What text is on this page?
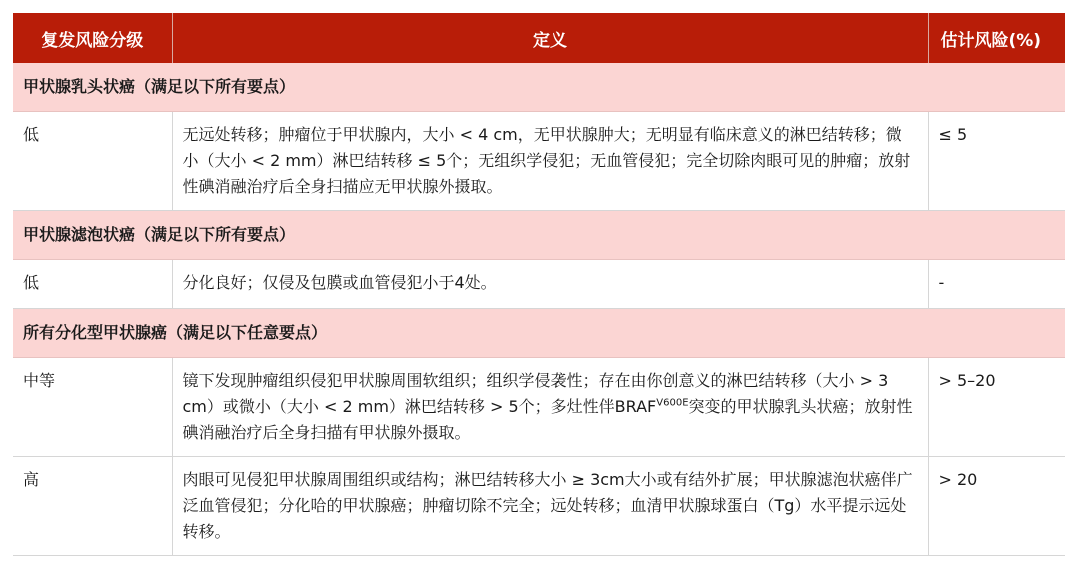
复发风险分级	定义	估计风险(%)
甲状腺乳头状癌（满足以下所有要点）		
低	无远处转移；肿瘤位于甲状腺内，大小 < 4 cm，无甲状腺肿大；无明显有临床意义的淋巴结转移；微小（大小 < 2 mm）淋巴结转移 ≤ 5个；无组织学侵犯；无血管侵犯；完全切除肉眼可见的肿瘤；放射性碘消融治疗后全身扫描应无甲状腺外摄取。	≤ 5
甲状腺滤泡状癌（满足以下所有要点）		
低	分化良好；仅侵及包膜或血管侵犯小于4处。	-
所有分化型甲状腺癌（满足以下任意要点）		
中等	镜下发现肿瘤组织侵犯甲状腺周围软组织；组织学侵袭性；存在由你创意义的淋巴结转移（大小 > 3 cm）或微小（大小 < 2 mm）淋巴结转移 > 5个；多灶性伴$BRAF^{V600E}$突变的甲状腺乳头状癌；放射性碘消融治疗后全身扫描有甲状腺外摄取。	> 5–20
高	肉眼可见侵犯甲状腺周围组织或结构；淋巴结转移大小 ≥ 3cm大小或有结外扩展；甲状腺滤泡状癌伴广泛血管侵犯；分化哈的甲状腺癌；肿瘤切除不完全；远处转移；血清甲状腺球蛋白（Tg）水平提示远处转移。	> 20
